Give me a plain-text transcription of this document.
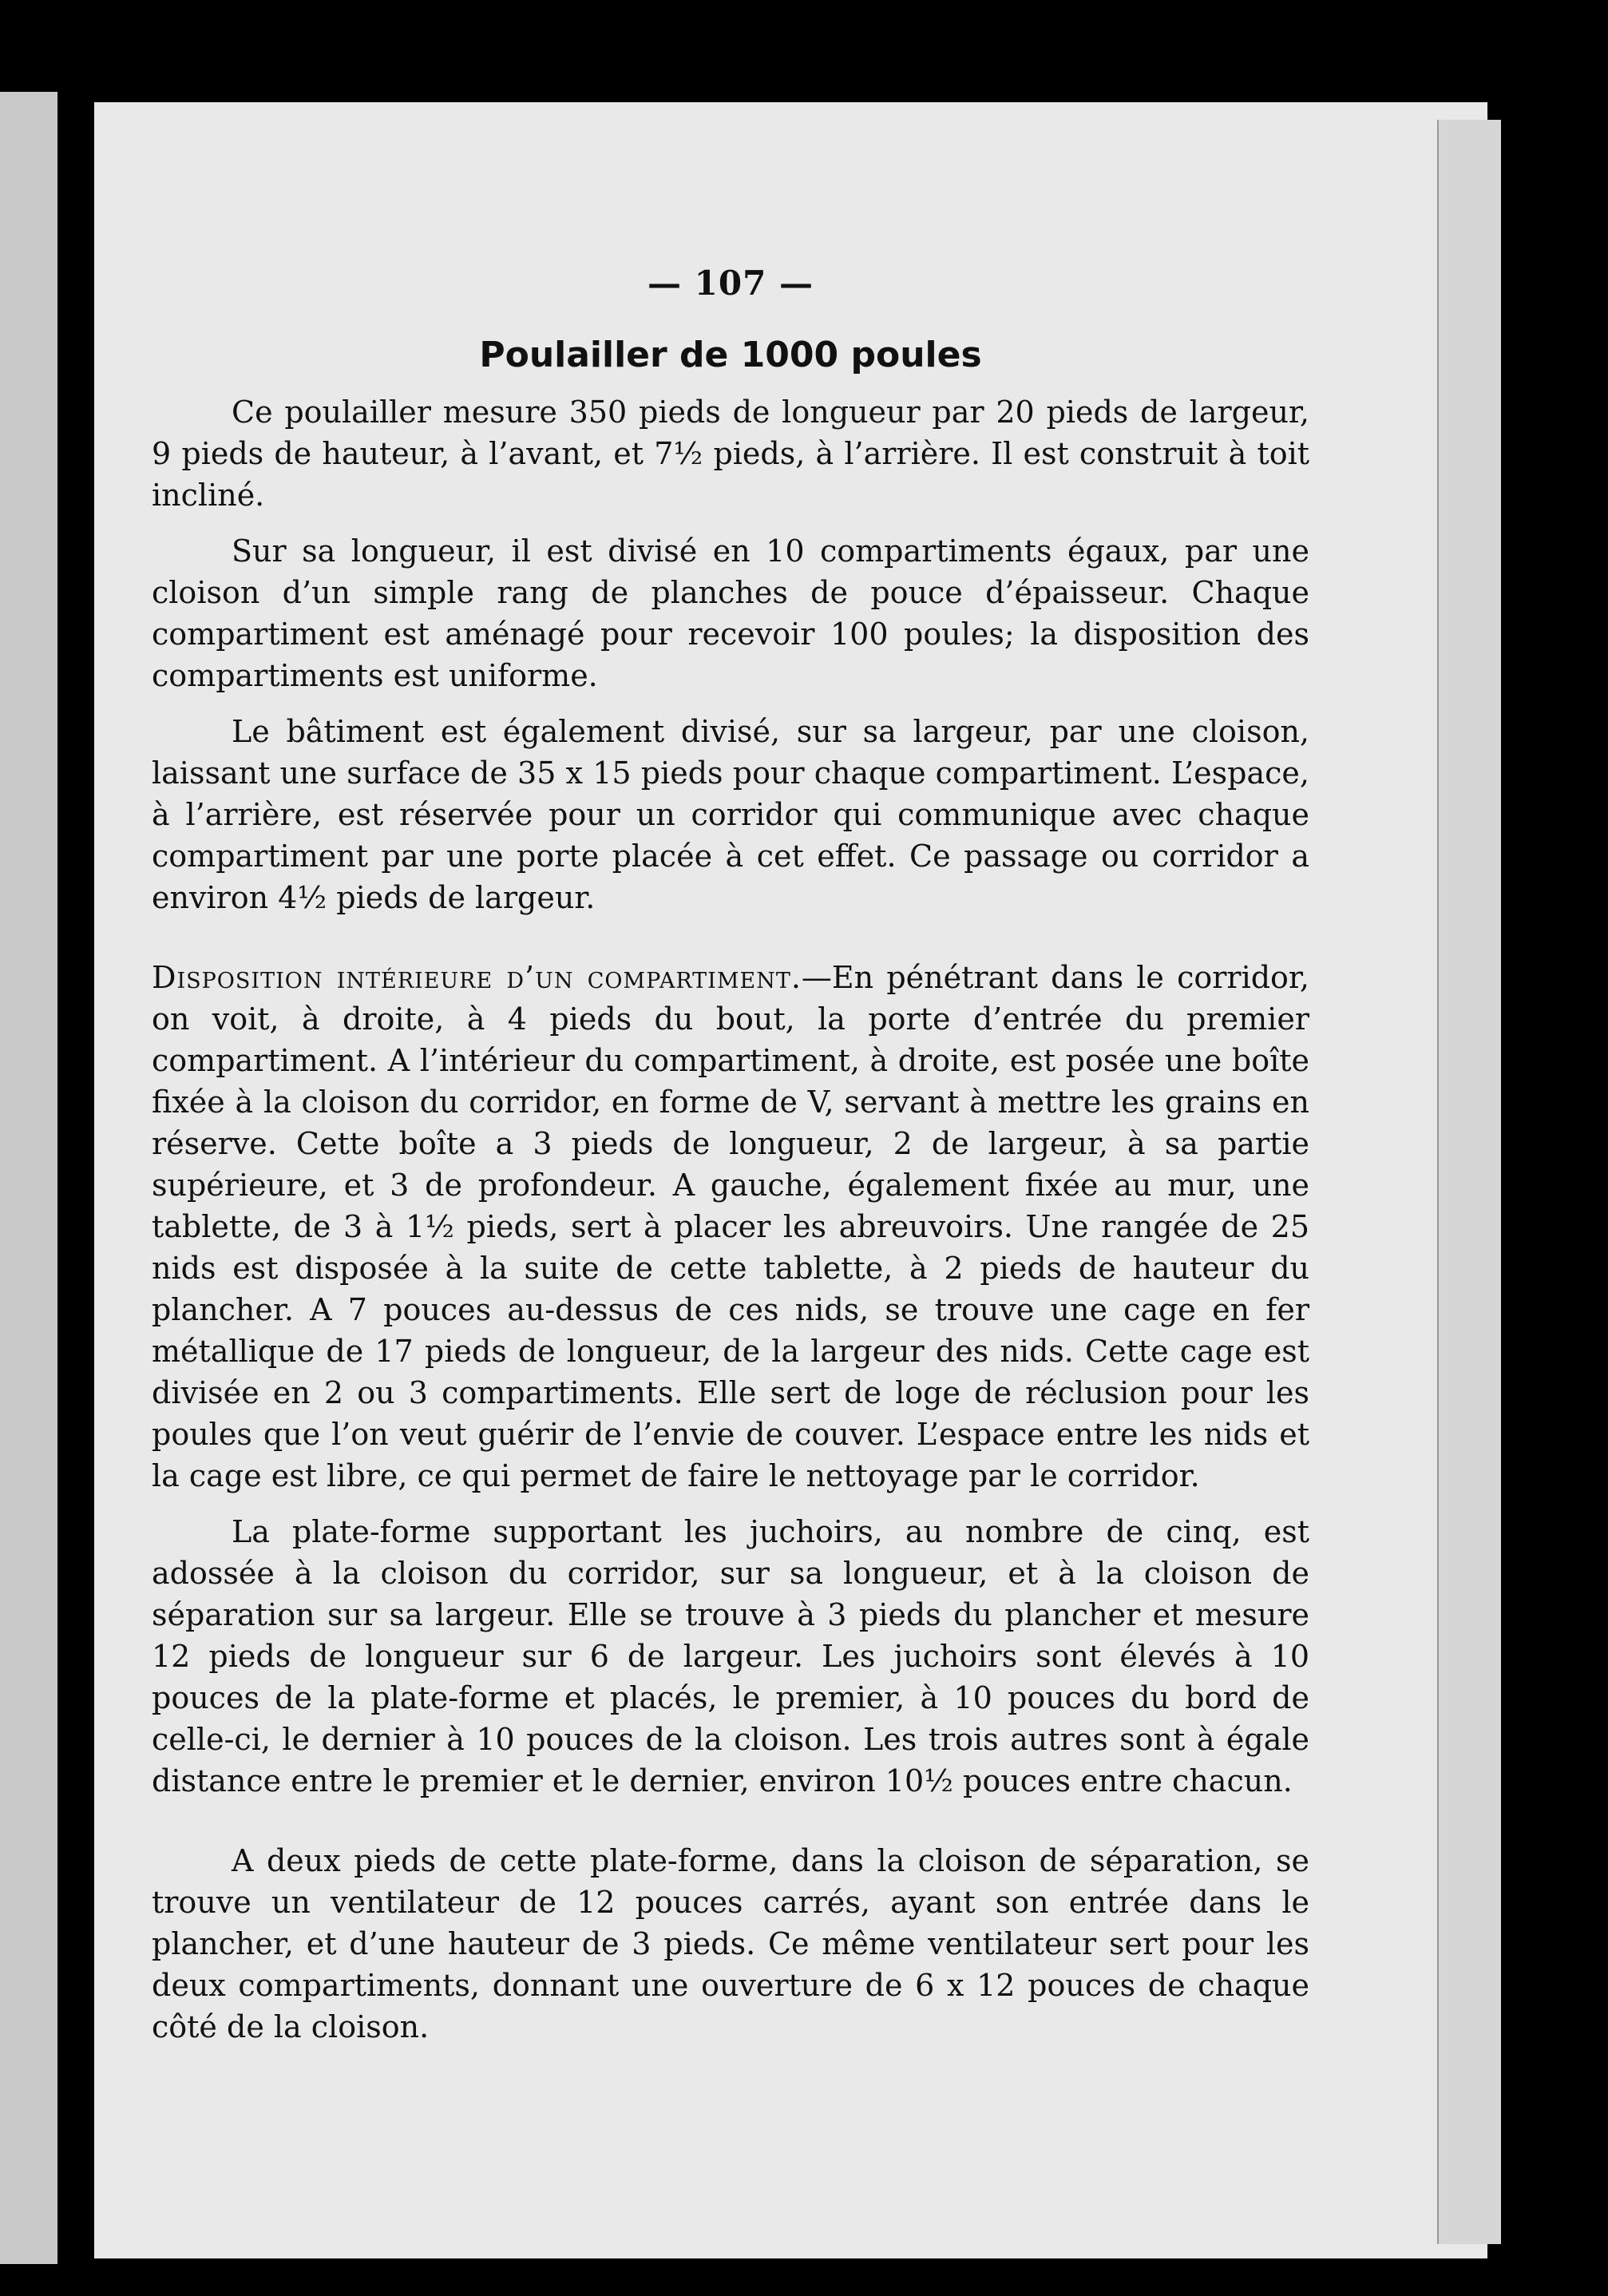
— 107 —
Poulailler de 1000 poules

Ce poulailler mesure 350 pieds de longueur par 20 pieds de largeur, 9 pieds de hauteur, à l’avant, et 7½ pieds, à l’arrière. Il est construit à toit incliné.

Sur sa longueur, il est divisé en 10 compartiments égaux, par une cloison d’un simple rang de planches de pouce d’épaisseur. Chaque compartiment est aménagé pour recevoir 100 poules; la disposition des compartiments est uniforme.

Le bâtiment est également divisé, sur sa largeur, par une cloison, laissant une surface de 35 x 15 pieds pour chaque compartiment. L’espace, à l’arrière, est réservée pour un corridor qui communique avec chaque compartiment par une porte placée à cet effet. Ce passage ou corridor a environ 4½ pieds de largeur.

Disposition intérieure d’un compartiment.—En pénétrant dans le corridor, on voit, à droite, à 4 pieds du bout, la porte d’entrée du premier compartiment. A l’intérieur du compartiment, à droite, est posée une boîte fixée à la cloison du corridor, en forme de V, servant à mettre les grains en réserve. Cette boîte a 3 pieds de longueur, 2 de largeur, à sa partie supérieure, et 3 de profondeur. A gauche, également fixée au mur, une tablette, de 3 à 1½ pieds, sert à placer les abreuvoirs. Une rangée de 25 nids est disposée à la suite de cette tablette, à 2 pieds de hauteur du plancher. A 7 pouces au-dessus de ces nids, se trouve une cage en fer métallique de 17 pieds de longueur, de la largeur des nids. Cette cage est divisée en 2 ou 3 compartiments. Elle sert de loge de réclusion pour les poules que l’on veut guérir de l’envie de couver. L’espace entre les nids et la cage est libre, ce qui permet de faire le nettoyage par le corridor.

La plate-forme supportant les juchoirs, au nombre de cinq, est adossée à la cloison du corridor, sur sa longueur, et à la cloison de séparation sur sa largeur. Elle se trouve à 3 pieds du plancher et mesure 12 pieds de longueur sur 6 de largeur. Les juchoirs sont élevés à 10 pouces de la plate-forme et placés, le premier, à 10 pouces du bord de celle-ci, le dernier à 10 pouces de la cloison. Les trois autres sont à égale distance entre le premier et le dernier, environ 10½ pouces entre chacun.

A deux pieds de cette plate-forme, dans la cloison de séparation, se trouve un ventilateur de 12 pouces carrés, ayant son entrée dans le plancher, et d’une hauteur de 3 pieds. Ce même ventilateur sert pour les deux compartiments, donnant une ouverture de 6 x 12 pouces de chaque côté de la cloison.
